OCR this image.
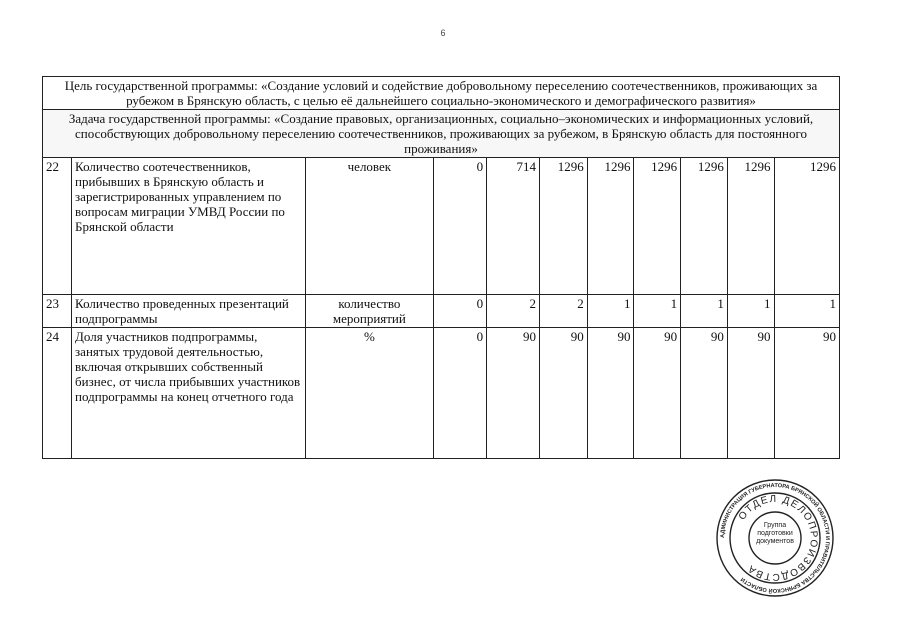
6
Цель государственной программы: «Создание условий и содействие добровольному переселению соотечественников, проживающих за рубежом в Брянскую область, с целью её дальнейшего социально-экономического и демографического развития»										
Задача государственной программы: «Создание правовых, организационных, социально–экономических и информационных условий, способствующих добровольному переселению соотечественников, проживающих за рубежом, в Брянскую область для постоянного проживания»										
22	Количество соотечественников, прибывших в Брянскую область и зарегистрированных управлением по вопросам миграции УМВД России по Брянской области	человек	0	714	1296	1296	1296	1296	1296	1296
23	Количество проведенных презентаций подпрограммы	количество мероприятий	0	2	2	1	1	1	1	1
24	Доля участников подпрограммы, занятых трудовой деятельностью, включая открывших собственный бизнес, от числа прибывших участников подпрограммы на конец отчетного года	%	0	90	90	90	90	90	90	90
АДМИНИСТРАЦИЯ ГУБЕРНАТОРА БРЯНСКОЙ ОБЛАСТИ И ПРАВИТЕЛЬСТВА БРЯНСКОЙ ОБЛАСТИ
ОТДЕЛ ДЕЛОПРОИЗВОДСТВА
Группа подготовки документов
